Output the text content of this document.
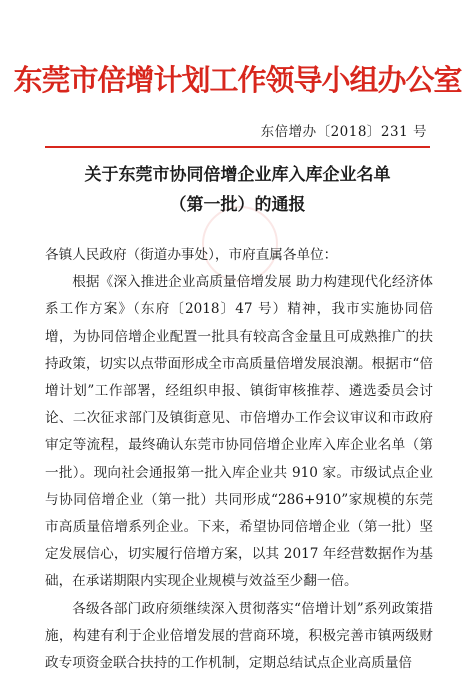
东莞市倍增计划工作领导小组办公室
东倍增办〔2018〕231 号
关于东莞市协同倍增企业库入库企业名单
（第一批）的通报

各镇人民政府（街道办事处），市府直属各单位：

根据《深入推进企业高质量倍增发展 助力构建现代化经济体系工作方案》（东府〔2018〕47 号）精神，我市实施协同倍增，为协同倍增企业配置一批具有较高含金量且可成熟推广的扶持政策，切实以点带面形成全市高质量倍增发展浪潮。根据市“倍增计划”工作部署，经组织申报、镇街审核推荐、遴选委员会讨论、二次征求部门及镇街意见、市倍增办工作会议审议和市政府审定等流程，最终确认东莞市协同倍增企业库入库企业名单（第一批）。现向社会通报第一批入库企业共 910 家。市级试点企业与协同倍增企业（第一批）共同形成“286+910”家规模的东莞市高质量倍增系列企业。下来，希望协同倍增企业（第一批）坚定发展信心，切实履行倍增方案，以其 2017 年经营数据作为基础，在承诺期限内实现企业规模与效益至少翻一倍。

各级各部门政府须继续深入贯彻落实“倍增计划”系列政策措施，构建有利于企业倍增发展的营商环境，积极完善市镇两级财政专项资金联合扶持的工作机制，定期总结试点企业高质量倍
